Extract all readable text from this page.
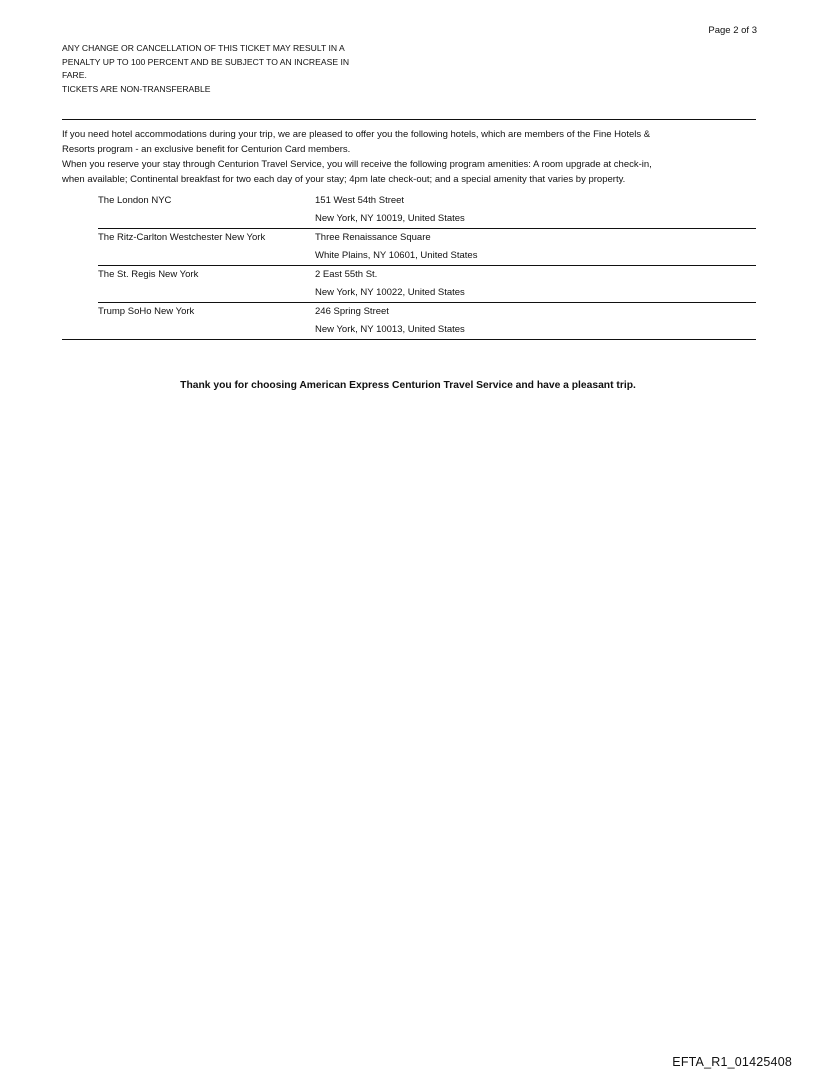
Page 2 of 3
ANY CHANGE OR CANCELLATION OF THIS TICKET MAY RESULT IN A
PENALTY UP TO 100 PERCENT AND BE SUBJECT TO AN INCREASE IN
FARE.
TICKETS ARE NON-TRANSFERABLE

If you need hotel accommodations during your trip, we are pleased to offer you the following hotels, which are members of the Fine Hotels &

Resorts program - an exclusive benefit for Centurion Card members.

When you reserve your stay through Centurion Travel Service, you will receive the following program amenities: A room upgrade at check-in,

when available; Continental breakfast for two each day of your stay; 4pm late check-out; and a special amenity that varies by property.

The London NYC	151 West 54th Street
New York, NY 10019, United States
The Ritz-Carlton Westchester New York	Three Renaissance Square
White Plains, NY 10601, United States
The St. Regis New York	2 East 55th St.
New York, NY 10022, United States
Trump SoHo New York	246 Spring Street
New York, NY 10013, United States
Thank you for choosing American Express Centurion Travel Service and have a pleasant trip.
EFTA_R1_01425408
